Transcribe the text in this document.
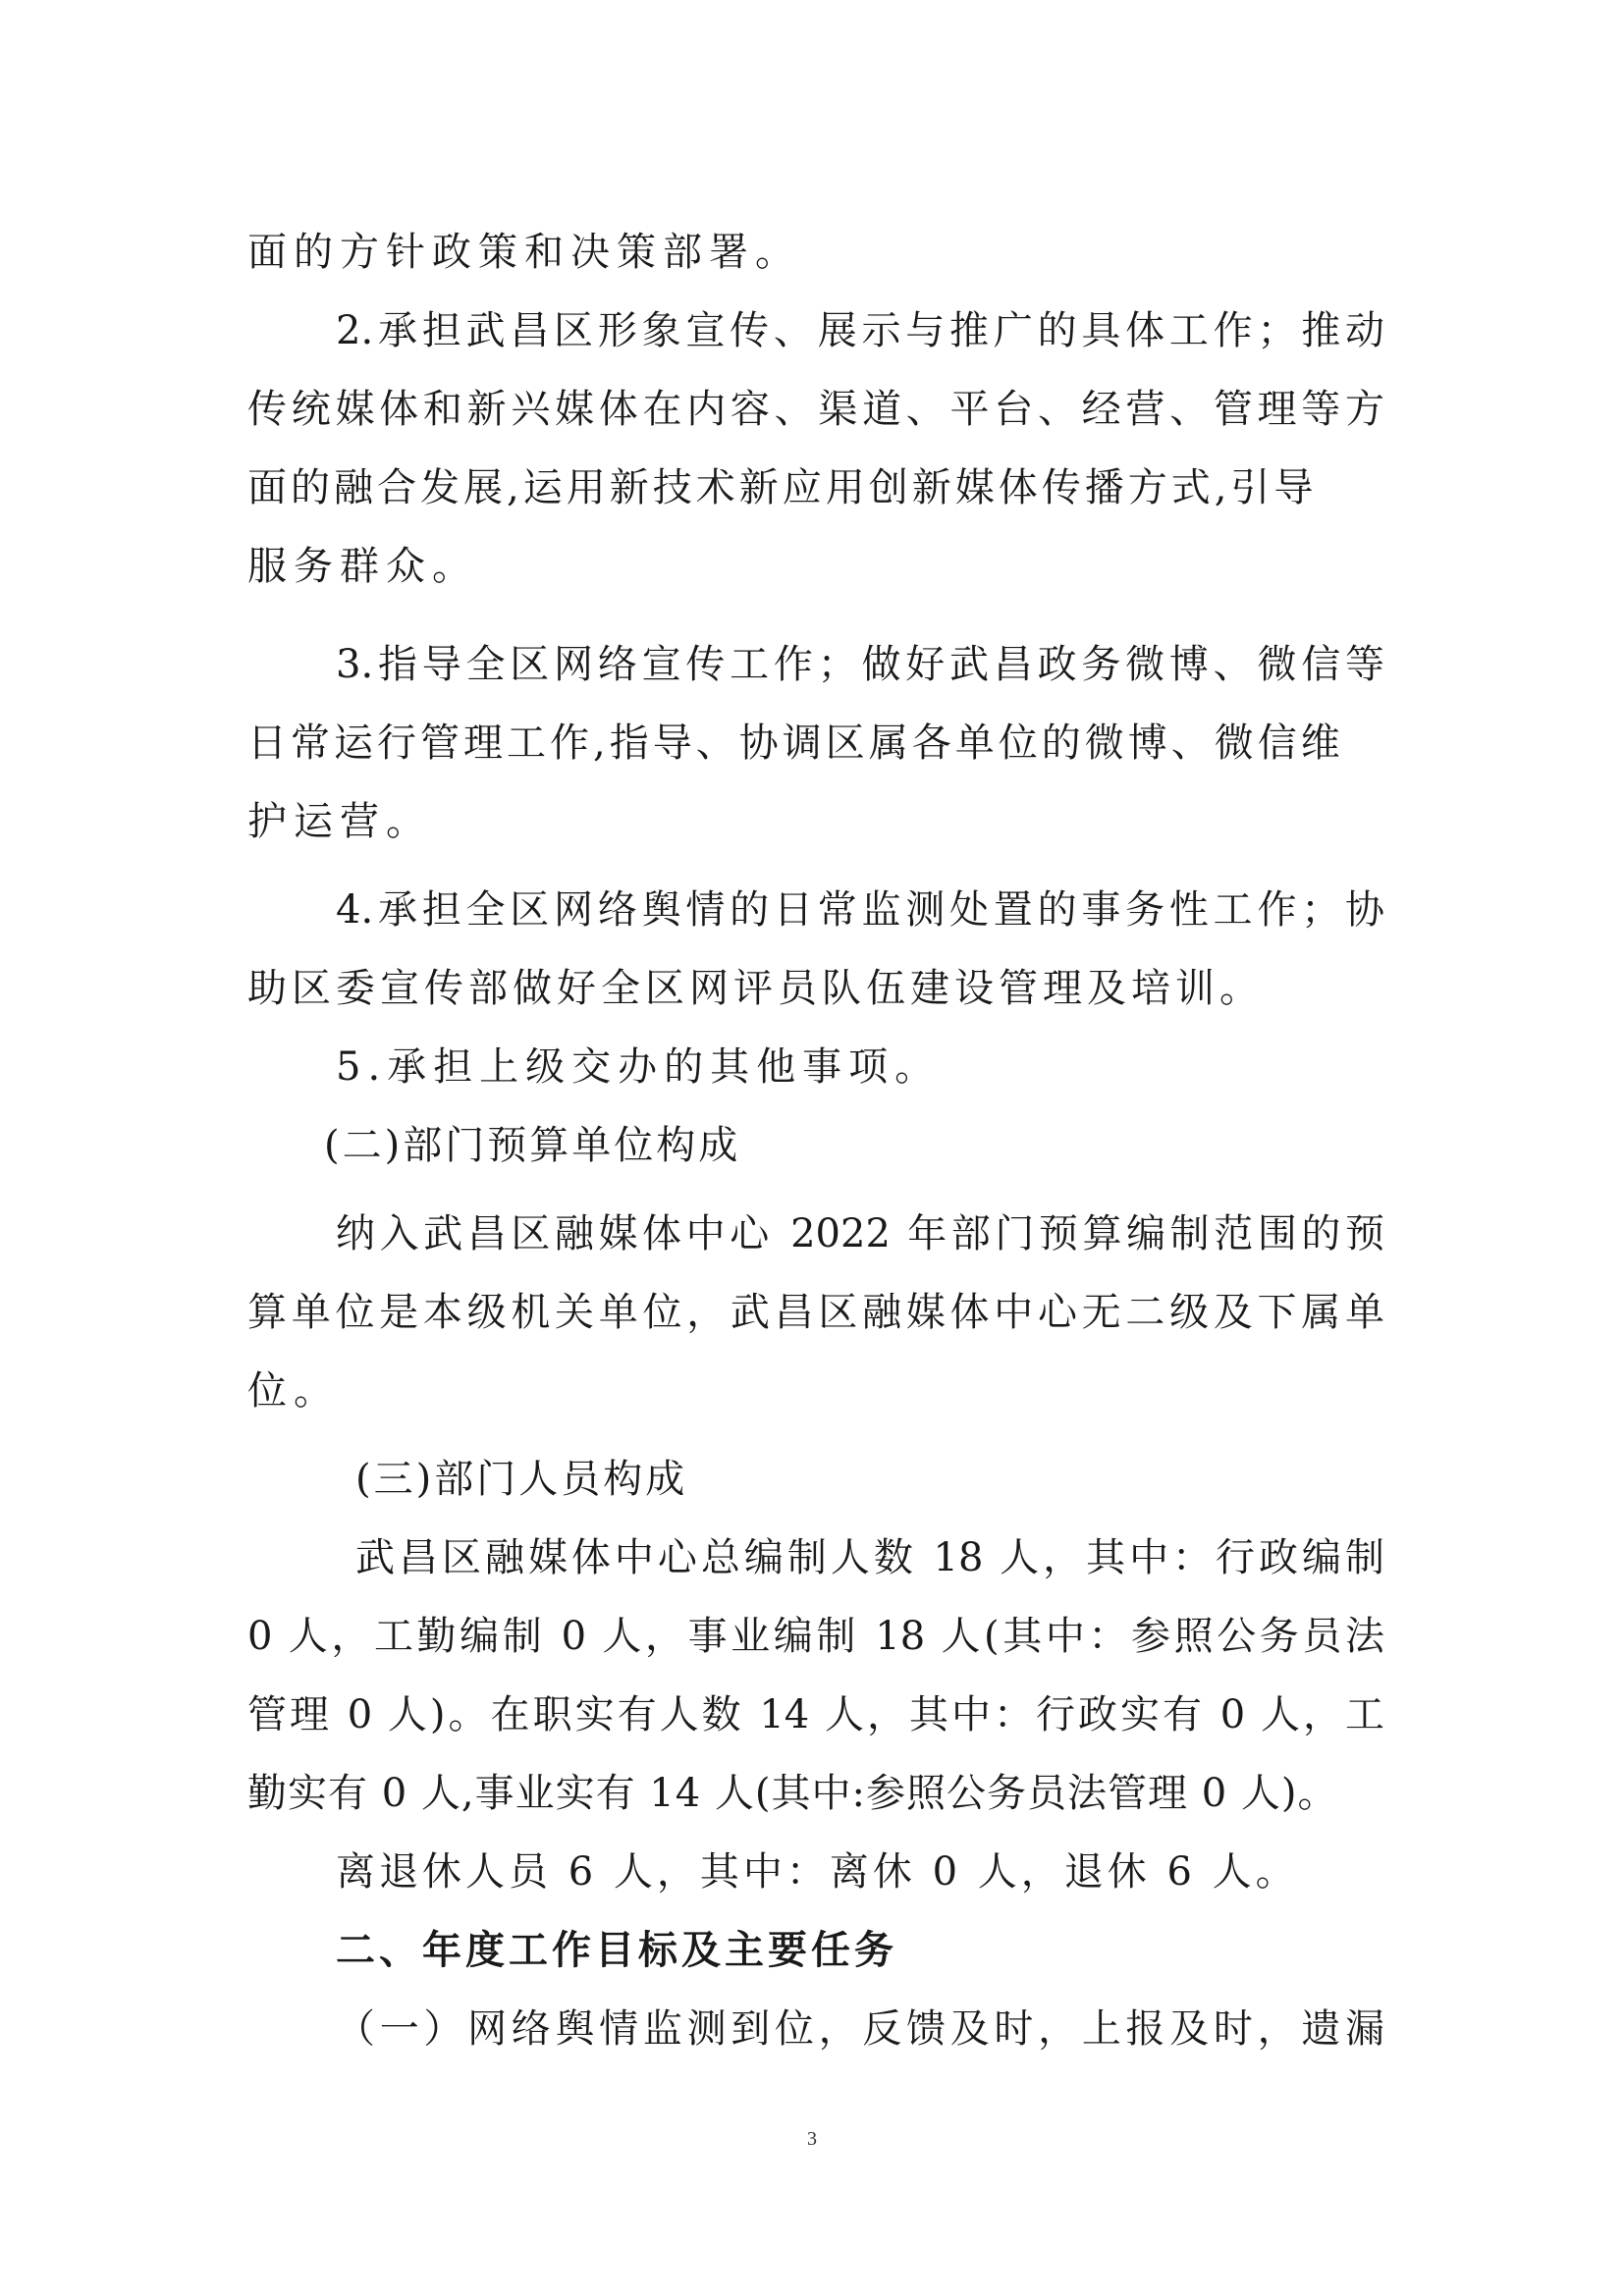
面的方针政策和决策部署。
2.承担武昌区形象宣传、展示与推广的具体工作；推动
传统媒体和新兴媒体在内容、渠道、平台、经营、管理等方
面的融合发展,运用新技术新应用创新媒体传播方式,引导
服务群众。
3.指导全区网络宣传工作；做好武昌政务微博、微信等
日常运行管理工作,指导、协调区属各单位的微博、微信维
护运营。
4.承担全区网络舆情的日常监测处置的事务性工作；协
助区委宣传部做好全区网评员队伍建设管理及培训。
5.承担上级交办的其他事项。
(二)部门预算单位构成
纳入武昌区融媒体中心 2022 年部门预算编制范围的预
算单位是本级机关单位，武昌区融媒体中心无二级及下属单
位。
(三)部门人员构成
武昌区融媒体中心总编制人数 18 人，其中：行政编制
0 人，工勤编制 0 人，事业编制 18 人(其中：参照公务员法
管理 0 人)。在职实有人数 14 人，其中：行政实有 0 人，工
勤实有 0 人,事业实有 14 人(其中:参照公务员法管理 0 人)。
离退休人员 6 人，其中：离休 0 人，退休 6 人。
二、年度工作目标及主要任务
（一）网络舆情监测到位，反馈及时，上报及时，遗漏
3
